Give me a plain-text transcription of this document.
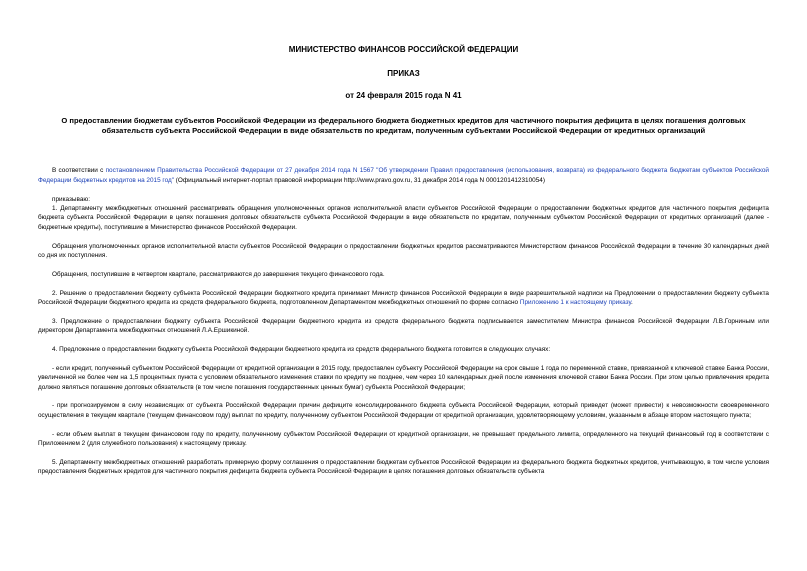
МИНИСТЕРСТВО ФИНАНСОВ РОССИЙСКОЙ ФЕДЕРАЦИИ
ПРИКАЗ
от 24 февраля 2015 года N 41
О предоставлении бюджетам субъектов Российской Федерации из федерального бюджета бюджетных кредитов для частичного покрытия дефицита в целях погашения долговых обязательств субъекта Российской Федерации в виде обязательств по кредитам, полученным субъектами Российской Федерации от кредитных организаций

В соответствии с постановлением Правительства Российской Федерации от 27 декабря 2014 года N 1567 "Об утверждении Правил предоставления (использования, возврата) из федерального бюджета бюджетам субъектов Российской Федерации бюджетных кредитов на 2015 год" (Официальный интернет-портал правовой информации http://www.pravo.gov.ru, 31 декабря 2014 года N 0001201412310054)

приказываю:

1. Департаменту межбюджетных отношений рассматривать обращения уполномоченных органов исполнительной власти субъектов Российской Федерации о предоставлении бюджетных кредитов для частичного покрытия дефицита бюджета субъекта Российской Федерации в целях погашения долговых обязательств субъекта Российской Федерации в виде обязательств по кредитам, полученным субъектом Российской Федерации от кредитных организаций (далее - бюджетные кредиты), поступившие в Министерство финансов Российской Федерации.

Обращения уполномоченных органов исполнительной власти субъектов Российской Федерации о предоставлении бюджетных кредитов рассматриваются Министерством финансов Российской Федерации в течение 30 календарных дней со дня их поступления.

Обращения, поступившие в четвертом квартале, рассматриваются до завершения текущего финансового года.

2. Решение о предоставлении бюджету субъекта Российской Федерации бюджетного кредита принимает Министр финансов Российской Федерации в виде разрешительной надписи на Предложении о предоставлении бюджету субъекта Российской Федерации бюджетного кредита из средств федерального бюджета, подготовленном Департаментом межбюджетных отношений по форме согласно Приложению 1 к настоящему приказу.

3. Предложение о предоставлении бюджету субъекта Российской Федерации бюджетного кредита из средств федерального бюджета подписывается заместителем Министра финансов Российской Федерации Л.В.Горниным или директором Департамента межбюджетных отношений Л.А.Ершикиной.

4. Предложение о предоставлении бюджету субъекта Российской Федерации бюджетного кредита из средств федерального бюджета готовится в следующих случаях:

- если кредит, полученный субъектом Российской Федерации от кредитной организации в 2015 году, предоставлен субъекту Российской Федерации на срок свыше 1 года по переменной ставке, привязанной к ключевой ставке Банка России, увеличенной не более чем на 1,5 процентных пункта с условием обязательного изменения ставки по кредиту не позднее, чем через 10 календарных дней после изменения ключевой ставки Банка России. При этом целью привлечения кредита должно являться погашение долговых обязательств (в том числе погашения государственных ценных бумаг) субъекта Российской Федерации;

- при прогнозируемом в силу независящих от субъекта Российской Федерации причин дефиците консолидированного бюджета субъекта Российской Федерации, который приведет (может привести) к невозможности своевременного осуществления в текущем квартале (текущем финансовом году) выплат по кредиту, полученному субъектом Российской Федерации от кредитной организации, удовлетворяющему условиям, указанным в абзаце втором настоящего пункта;

- если объем выплат в текущем финансовом году по кредиту, полученному субъектом Российской Федерации от кредитной организации, не превышает предельного лимита, определенного на текущий финансовый год в соответствии с Приложением 2 (для служебного пользования) к настоящему приказу.

5. Департаменту межбюджетных отношений разработать примерную форму соглашения о предоставлении бюджетам субъектов Российской Федерации из федерального бюджета бюджетных кредитов, учитывающую, в том числе условия предоставления бюджетных кредитов для частичного покрытия дефицита бюджета субъекта Российской Федерации в целях погашения долговых обязательств субъекта
